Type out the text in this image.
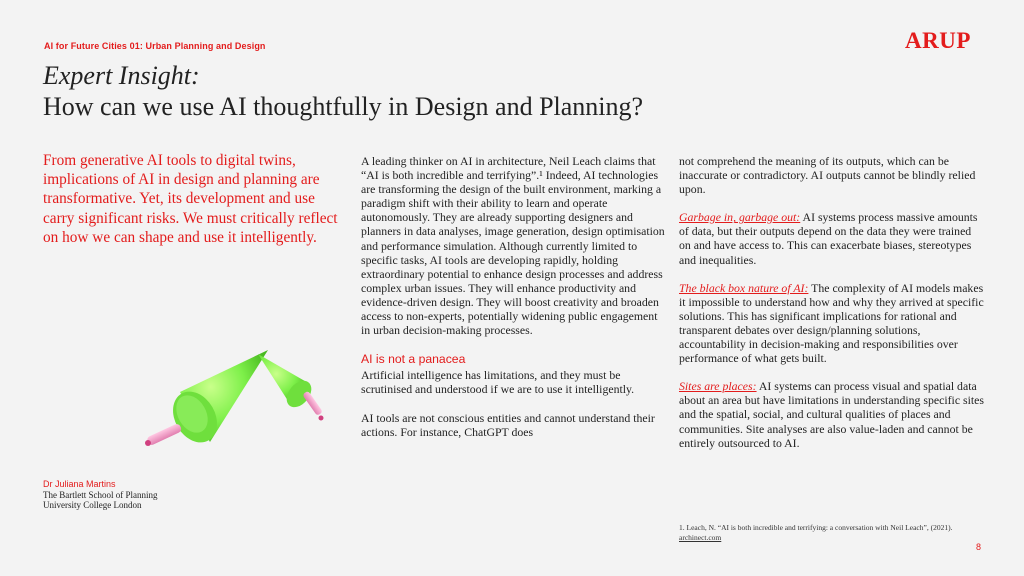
AI for Future Cities 01: Urban Planning and Design	ARUP
Expert Insight:
How can we use AI thoughtfully in Design and Planning?
From generative AI tools to digital twins, implications of AI in design and planning are transformative. Yet, its development and use carry significant risks. We must critically reflect on how we can shape and use it intelligently.
Dr Juliana Martins
The Bartlett School of Planning
University College London

A leading thinker on AI in architecture, Neil Leach claims that “AI is both incredible and terrifying”.¹ Indeed, AI technologies are transforming the design of the built environment, marking a paradigm shift with their ability to learn and operate autonomously. They are already supporting designers and planners in data analyses, image generation, design optimisation and performance simulation. Although currently limited to specific tasks, AI tools are developing rapidly, holding extraordinary potential to enhance design processes and address complex urban issues. They will enhance productivity and evidence-driven design. They will boost creativity and broaden access to non-experts, potentially widening public engagement in urban decision-making processes.

AI is not a panacea

Artificial intelligence has limitations, and they must be scrutinised and understood if we are to use it intelligently.

AI tools are not conscious entities and cannot understand their actions. For instance, ChatGPT does

not comprehend the meaning of its outputs, which can be inaccurate or contradictory. AI outputs cannot be blindly relied upon.

Garbage in, garbage out: AI systems process massive amounts of data, but their outputs depend on the data they were trained on and have access to. This can exacerbate biases, stereotypes and inequalities.

The black box nature of AI: The complexity of AI models makes it impossible to understand how and why they arrived at specific solutions. This has significant implications for rational and transparent debates over design/planning solutions, accountability in decision-making and responsibilities over performance of what gets built.

Sites are places: AI systems can process visual and spatial data about an area but have limitations in understanding specific sites and the spatial, social, and cultural qualities of places and communities. Site analyses are also value-laden and cannot be entirely outsourced to AI.

1. Leach, N. “AI is both incredible and terrifying: a conversation with Neil Leach”, (2021). archinect.com
8
